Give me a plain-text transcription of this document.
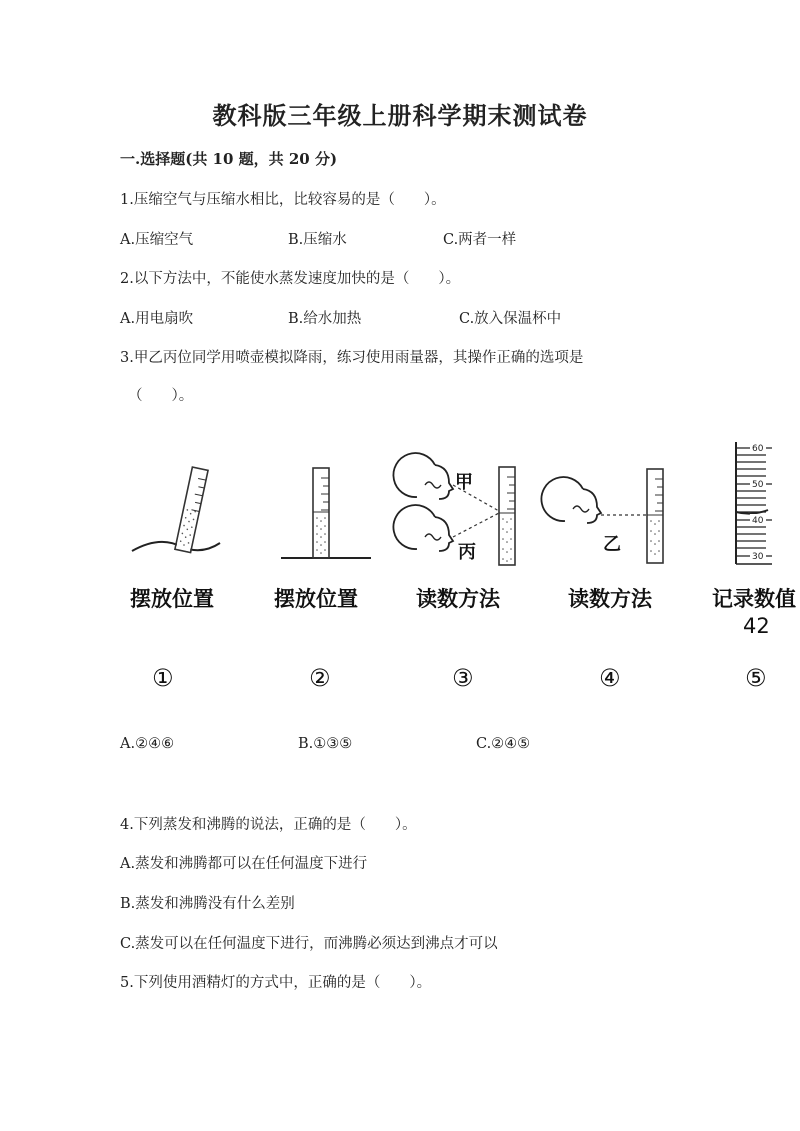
教科版三年级上册科学期末测试卷
一.选择题(共 10 题，共 20 分)
1.压缩空气与压缩水相比，比较容易的是（　　）。
A.压缩空气	B.压缩水	C.两者一样
2.以下方法中，不能使水蒸发速度加快的是（　　）。
A.用电扇吹	B.给水加热	C.放入保温杯中
3.甲乙丙位同学用喷壶模拟降雨，练习使用雨量器，其操作正确的选项是
（　　）。
甲
丙	乙
60
50
40
30
摆放位置	摆放位置	读数方法	读数方法	记录数值
42
①	②	③	④	⑤
A.②④⑥	B.①③⑤	C.②④⑤
4.下列蒸发和沸腾的说法，正确的是（　　）。
A.蒸发和沸腾都可以在任何温度下进行
B.蒸发和沸腾没有什么差别
C.蒸发可以在任何温度下进行，而沸腾必须达到沸点才可以
5.下列使用酒精灯的方式中，正确的是（　　）。
